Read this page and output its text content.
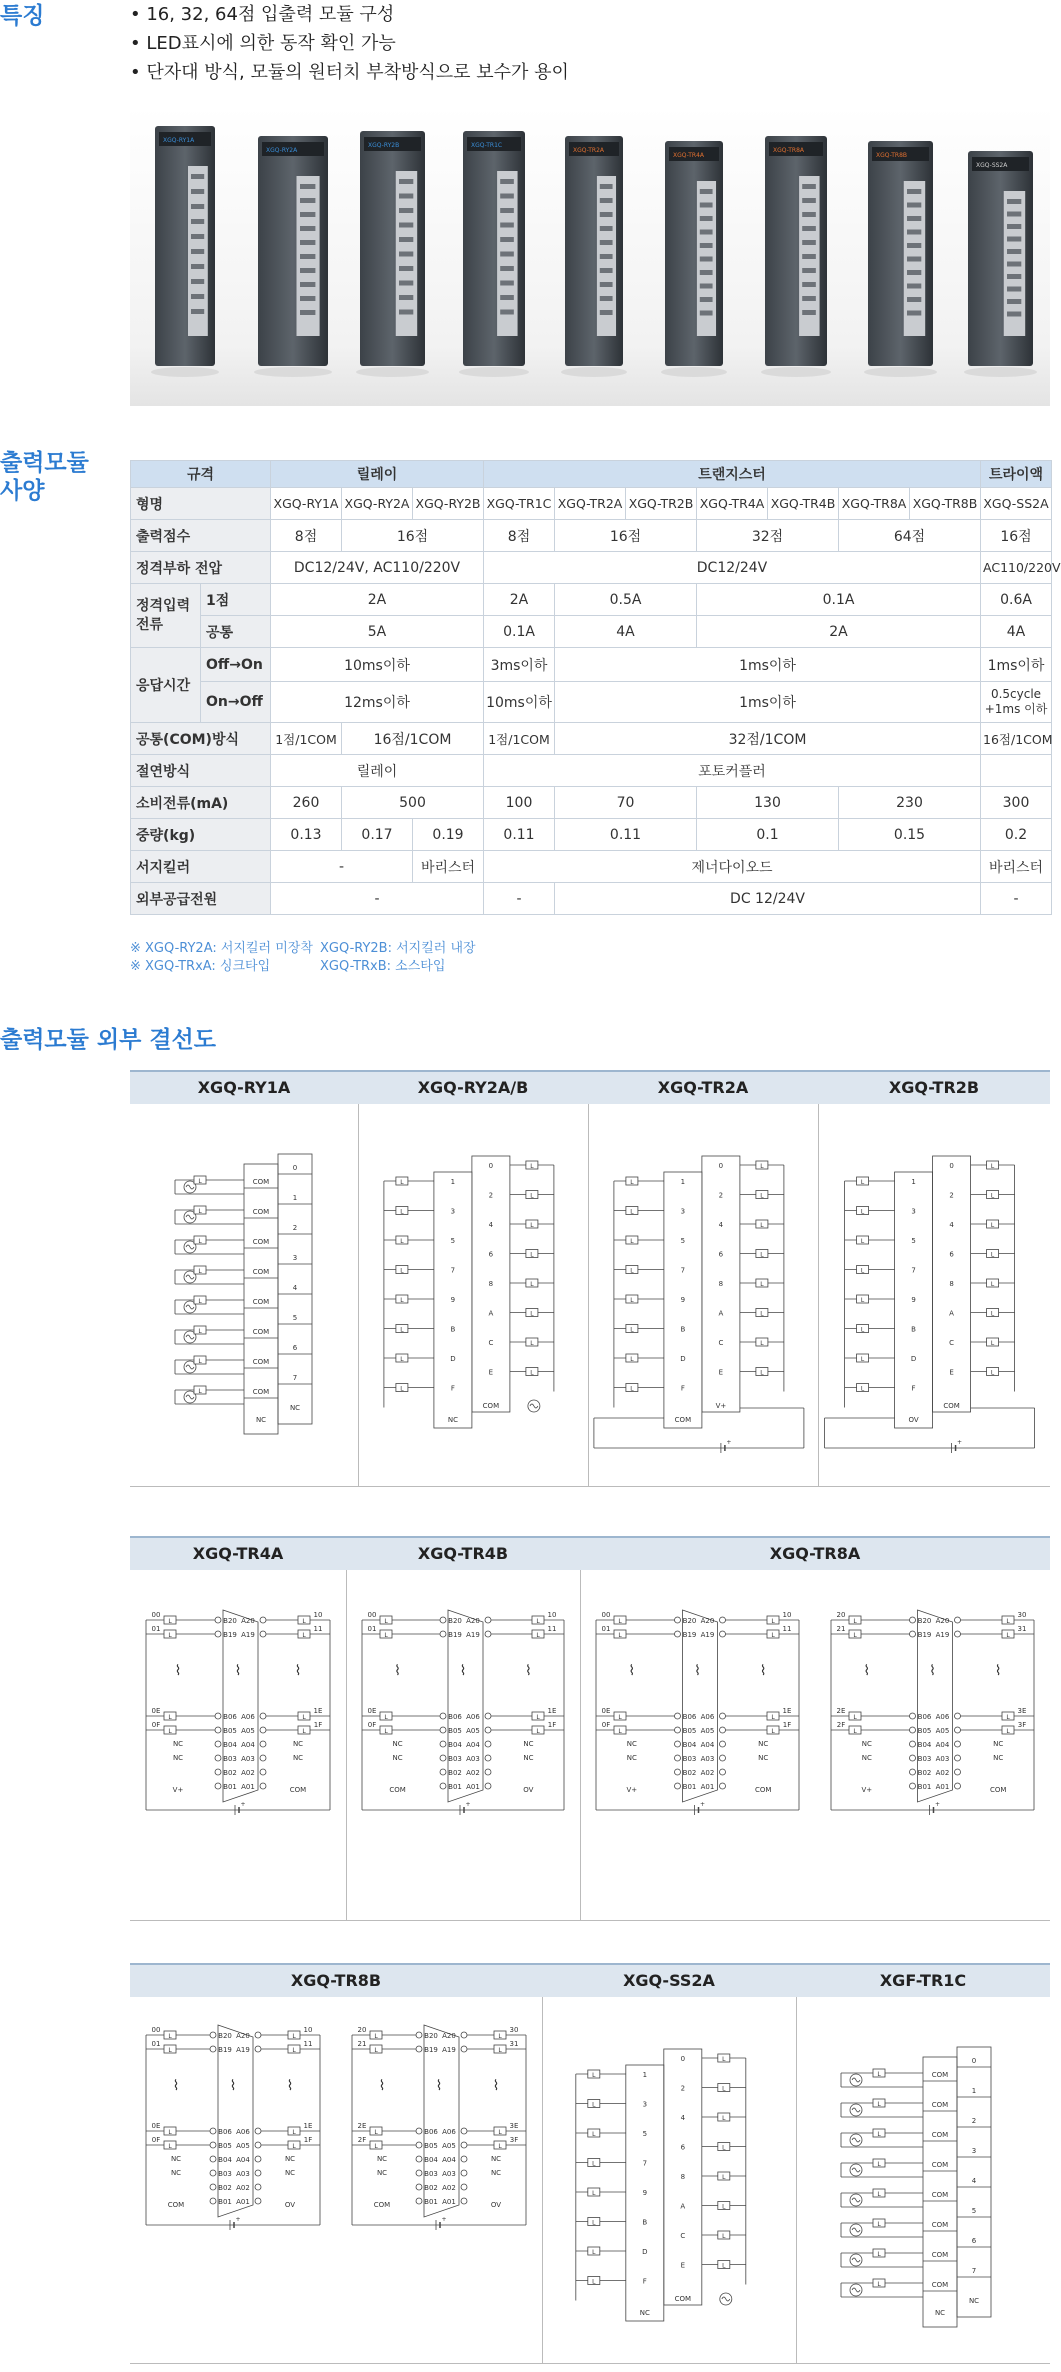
특징	• 16, 32, 64점 입출력 모듈 구성
• LED표시에 의한 동작 확인 가능
• 단자대 방식, 모듈의 원터치 부착방식으로 보수가 용이
XGQ-RY1A
XGQ-RY2A
XGQ-RY2B	XGQ-TR1C
XGQ-TR2A
XGQ-TR4A
XGQ-TR8A
XGQ-TR8B
XGQ-SS2A
출력모듈
사양
규격		릴레이			트랜지스터							트라이액
형명		XGQ-RY1A	XGQ-RY2A	XGQ-RY2B	XGQ-TR1C	XGQ-TR2A	XGQ-TR2B	XGQ-TR4A	XGQ-TR4B	XGQ-TR8A	XGQ-TR8B	XGQ-SS2A
출력점수		8점	16점		8점	16점		32점		64점		16점
정격부하 전압		DC12/24V, AC110/220V			DC12/24V							AC110/220V
정격입력
전류	1점	2A			2A	0.5A		0.1A				0.6A
	공통	5A			0.1A	4A		2A				4A
응답시간	Off→On	10ms이하			3ms이하	1ms이하						1ms이하
	On→Off	12ms이하			10ms이하	1ms이하						0.5cycle
+1ms 이하
공통(COM)방식		1점/1COM	16점/1COM		1점/1COM	32점/1COM						16점/1COM
절연방식		릴레이			포토커플러							
소비전류(mA)		260	500		100	70		130		230		300
중량(kg)		0.13	0.17	0.19	0.11	0.11		0.1		0.15		0.2
서지킬러		-		바리스터	제너다이오드							바리스터
외부공급전원		-			-	DC 12/24V						-
※ XGQ-RY2A: 서지킬러 미장착 XGQ-RY2B: 서지킬러 내장
※ XGQ-TRxA: 싱크타입	XGQ-TRxB: 소스타입
출력모듈 외부 결선도
XGQ-RY1A
COM
0
L
COM
1
L
COM
2
L
COM
3
L
COM
4
L
COM
5
L
COM
6
L
COM
7
L
NC
NC
XGQ-RY2A/B
1
0
L
L
3
2
L
L
5
4
L
L
7
6
L
L
9
8
L
L
B
A
L
L
D
C
L
L
F
E
L
L
NC
COM
XGQ-TR2A
1
0
L
L
3
2
L
L
5
4
L
L
7
6
L
L
9
8
L
L
B
A
L
L
D
C
L
L
F
E
L
L
COM
V+
+
XGQ-TR2B
1
0
L
L
3
2
L
L
5
4
L
L
7
6
L
L
9
8
L
L
B
A
L
L
D
C
L
L
F
E
L
L
OV
COM
+
XGQ-TR4A
B20 A20
B19 A19
B06 A06
B05 A05
B04 A04
B03 A03
B02 A02
B01 A01
L
00
L
01
L
0E
L
0F
L
10
L
11
L
1E
L
1F
NC
NC
NC
NC
⌇	⌇
⌇
V+	COM
+
XGQ-TR4B
B20 A20
B19 A19
B06 A06
B05 A05
B04 A04
B03 A03
B02 A02
B01 A01
L
00
L
01
L
0E
L
0F
L
10
L
11
L
1E
L
1F
NC
NC
NC
NC
⌇	⌇
⌇
COM	OV
+
XGQ-TR8A
B20 A20
B19 A19
B06 A06
B05 A05
B04 A04
B03 A03
B02 A02
B01 A01
L
00
L
01
L
0E
L
0F
L
10
L
11
L
1E
L
1F
NC
NC
NC
NC
⌇	⌇
⌇
V+	COM
+
B20 A20
B19 A19
B06 A06
B05 A05
B04 A04
B03 A03
B02 A02
B01 A01
L
20
L
21
L
2E
L
2F
L
30
L
31
L
3E
L
3F
NC
NC
NC
NC
⌇	⌇
⌇
V+	COM
+
XGQ-TR8B
B20 A20
B19 A19
B06 A06
B05 A05
B04 A04
B03 A03
B02 A02
B01 A01
L
00
L
01
L
0E
L
0F
L
10
L
11
L
1E
L
1F
NC
NC
NC
NC
⌇	⌇
⌇
COM	OV
+
B20 A20
B19 A19
B06 A06
B05 A05
B04 A04
B03 A03
B02 A02
B01 A01
L
20
L
21
L
2E
L
2F
L
30
L
31
L
3E
L
3F
NC
NC
NC
NC
⌇	⌇
⌇
COM	OV
+
XGQ-SS2A
1
0
L
L
3
2
L
L
5
4
L
L
7
6
L
L
9
8
L
L
B
A
L
L
D
C
L
L
F
E
L
L
NC
COM
XGF-TR1C
COM
0
L
COM
1
L
COM
2
L
COM
3
L
COM
4
L
COM
5
L
COM
6
L
COM
7
L
NC
NC
